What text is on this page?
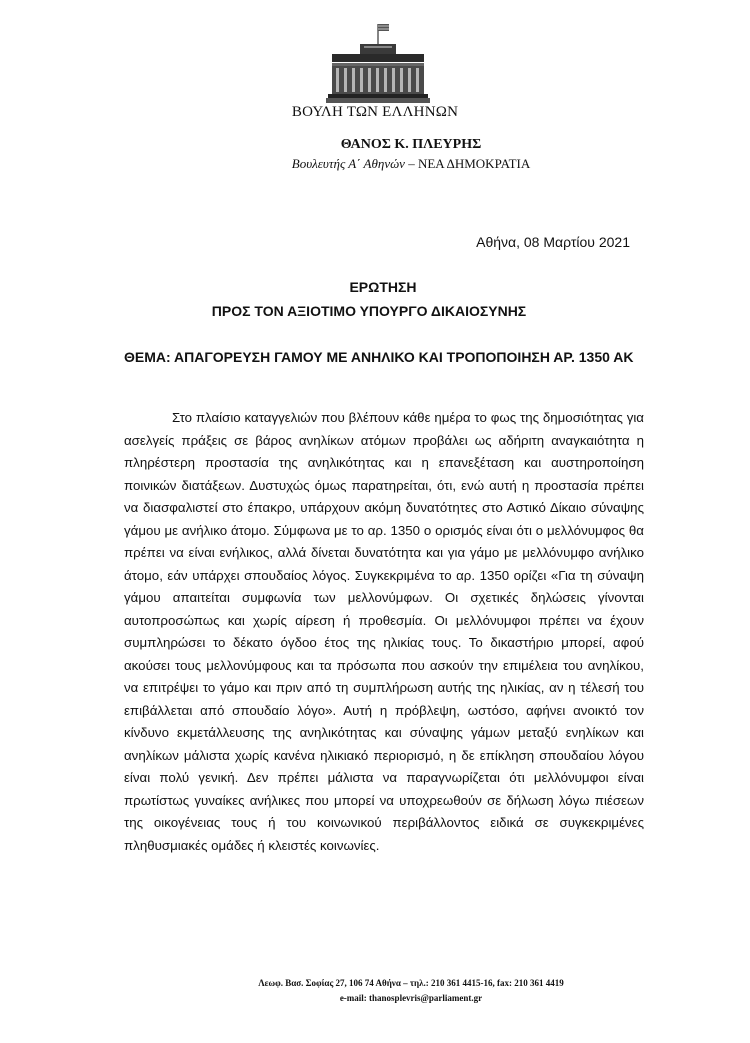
ΒΟΥΛΗ ΤΩΝ ΕΛΛΗΝΩΝ
ΘΑΝΟΣ Κ. ΠΛΕΥΡΗΣ
Βουλευτής Α΄ Αθηνών – ΝΕΑ ΔΗΜΟΚΡΑΤΙΑ
Αθήνα, 08 Μαρτίου 2021
ΕΡΩΤΗΣΗ
ΠΡΟΣ ΤΟΝ ΑΞΙΟΤΙΜΟ ΥΠΟΥΡΓΟ ΔΙΚΑΙΟΣΥΝΗΣ
ΘΕΜΑ: ΑΠΑΓΟΡΕΥΣΗ ΓΑΜΟΥ ΜΕ ΑΝΗΛΙΚΟ ΚΑΙ ΤΡΟΠΟΠΟΙΗΣΗ ΑΡ. 1350 ΑΚ

Στο πλαίσιο καταγγελιών που βλέπουν κάθε ημέρα το φως της δημοσιότητας για ασελγείς πράξεις σε βάρος ανηλίκων ατόμων προβάλει ως αδήριτη αναγκαιότητα η πληρέστερη προστασία της ανηλικότητας και η επανεξέταση και αυστηροποίηση ποινικών διατάξεων. Δυστυχώς όμως παρατηρείται, ότι, ενώ αυτή η προστασία πρέπει να διασφαλιστεί στο έπακρο, υπάρχουν ακόμη δυνατότητες στο Αστικό Δίκαιο σύναψης γάμου με ανήλικο άτομο. Σύμφωνα με το αρ. 1350 ο ορισμός είναι ότι ο μελλόνυμφος θα πρέπει να είναι ενήλικος, αλλά δίνεται δυνατότητα και για γάμο με μελλόνυμφο ανήλικο άτομο, εάν υπάρχει σπουδαίος λόγος. Συγκεκριμένα το αρ. 1350 ορίζει «Για τη σύναψη γάμου απαιτείται συμφωνία των μελλονύμφων. Οι σχετικές δηλώσεις γίνονται αυτοπροσώπως και χωρίς αίρεση ή προθεσμία. Οι μελλόνυμφοι πρέπει να έχουν συμπληρώσει το δέκατο όγδοο έτος της ηλικίας τους. Το δικαστήριο μπορεί, αφού ακούσει τους μελλονύμφους και τα πρόσωπα που ασκούν την επιμέλεια του ανηλίκου, να επιτρέψει το γάμο και πριν από τη συμπλήρωση αυτής της ηλικίας, αν η τέλεσή του επιβάλλεται από σπουδαίο λόγο». Αυτή η πρόβλεψη, ωστόσο, αφήνει ανοικτό τον κίνδυνο εκμετάλλευσης της ανηλικότητας και σύναψης γάμων μεταξύ ενηλίκων και ανηλίκων μάλιστα χωρίς κανένα ηλικιακό περιορισμό, η δε επίκληση σπουδαίου λόγου είναι πολύ γενική. Δεν πρέπει μάλιστα να παραγνωρίζεται ότι μελλόνυμφοι είναι πρωτίστως γυναίκες ανήλικες που μπορεί να υποχρεωθούν σε δήλωση λόγω πιέσεων της οικογένειας τους ή του κοινωνικού περιβάλλοντος ειδικά σε συγκεκριμένες πληθυσμιακές ομάδες ή κλειστές κοινωνίες.

Λεωφ. Βασ. Σοφίας 27, 106 74 Αθήνα – τηλ.: 210 361 4415-16, fax: 210 361 4419
e-mail: thanosplevris@parliament.gr
